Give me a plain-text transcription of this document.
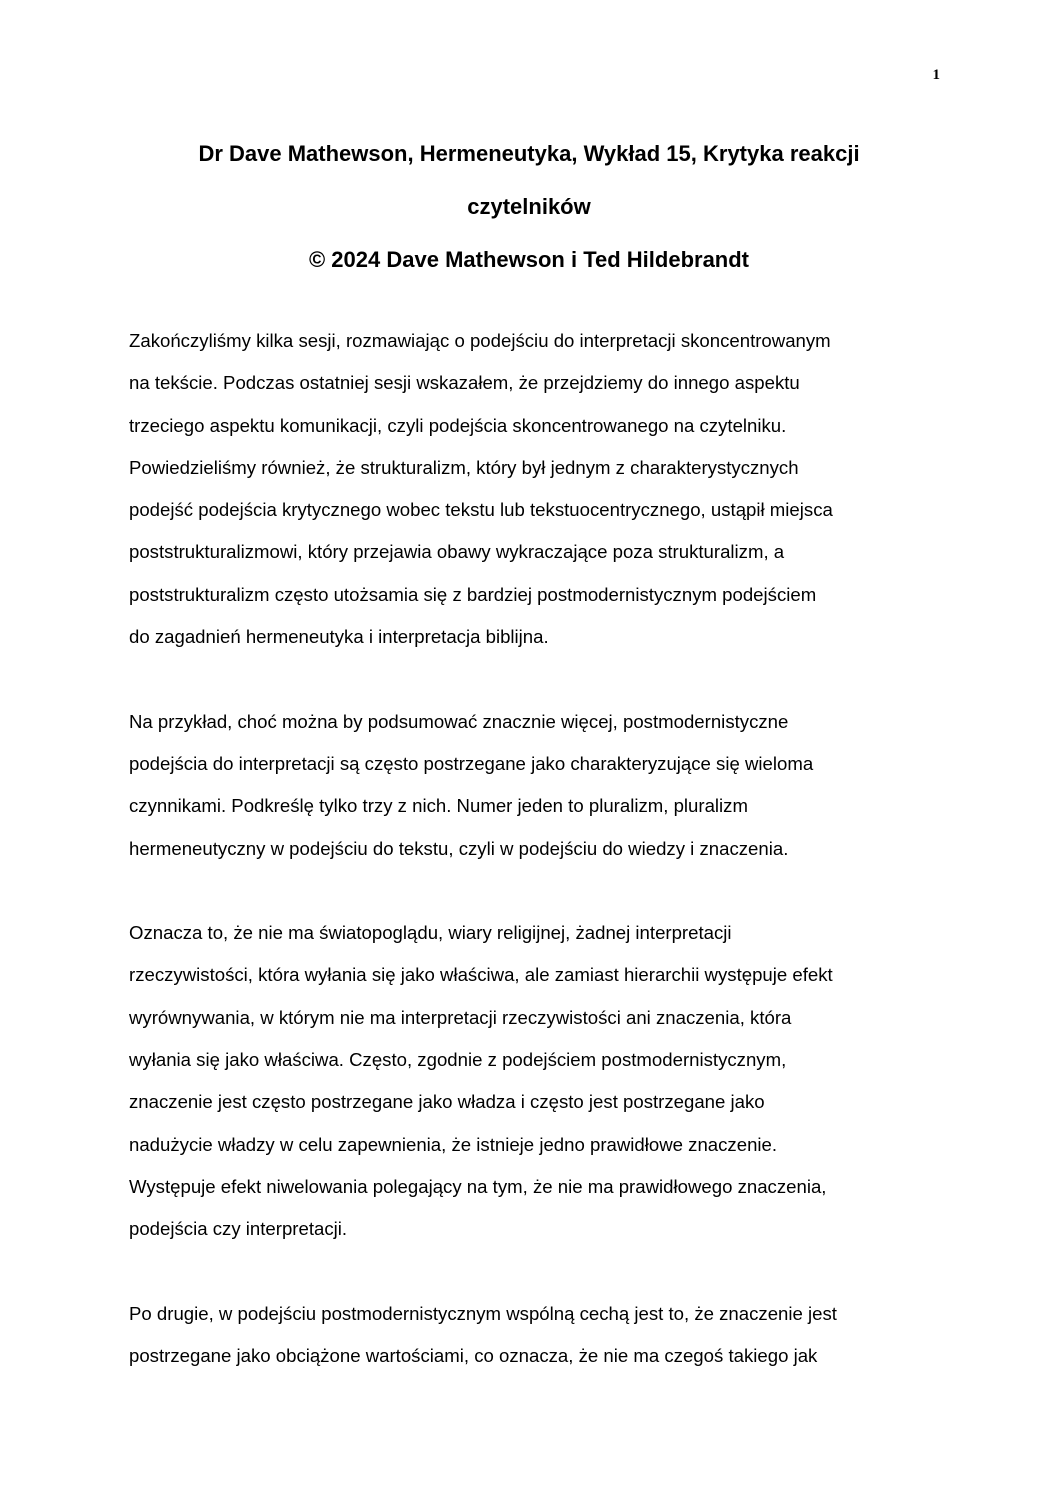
1
Dr Dave Mathewson, Hermeneutyka, Wykład 15, Krytyka reakcji
czytelników
© 2024 Dave Mathewson i Ted Hildebrandt

Zakończyliśmy kilka sesji, rozmawiając o podejściu do interpretacji skoncentrowanym
na tekście. Podczas ostatniej sesji wskazałem, że przejdziemy do innego aspektu
trzeciego aspektu komunikacji, czyli podejścia skoncentrowanego na czytelniku.
Powiedzieliśmy również, że strukturalizm, który był jednym z charakterystycznych
podejść podejścia krytycznego wobec tekstu lub tekstuocentrycznego, ustąpił miejsca
poststrukturalizmowi, który przejawia obawy wykraczające poza strukturalizm, a
poststrukturalizm często utożsamia się z bardziej postmodernistycznym podejściem
do zagadnień hermeneutyka i interpretacja biblijna.

Na przykład, choć można by podsumować znacznie więcej, postmodernistyczne
podejścia do interpretacji są często postrzegane jako charakteryzujące się wieloma
czynnikami. Podkreślę tylko trzy z nich. Numer jeden to pluralizm, pluralizm
hermeneutyczny w podejściu do tekstu, czyli w podejściu do wiedzy i znaczenia.

Oznacza to, że nie ma światopoglądu, wiary religijnej, żadnej interpretacji
rzeczywistości, która wyłania się jako właściwa, ale zamiast hierarchii występuje efekt
wyrównywania, w którym nie ma interpretacji rzeczywistości ani znaczenia, która
wyłania się jako właściwa. Często, zgodnie z podejściem postmodernistycznym,
znaczenie jest często postrzegane jako władza i często jest postrzegane jako
nadużycie władzy w celu zapewnienia, że istnieje jedno prawidłowe znaczenie.
Występuje efekt niwelowania polegający na tym, że nie ma prawidłowego znaczenia,
podejścia czy interpretacji.

Po drugie, w podejściu postmodernistycznym wspólną cechą jest to, że znaczenie jest
postrzegane jako obciążone wartościami, co oznacza, że nie ma czegoś takiego jak
